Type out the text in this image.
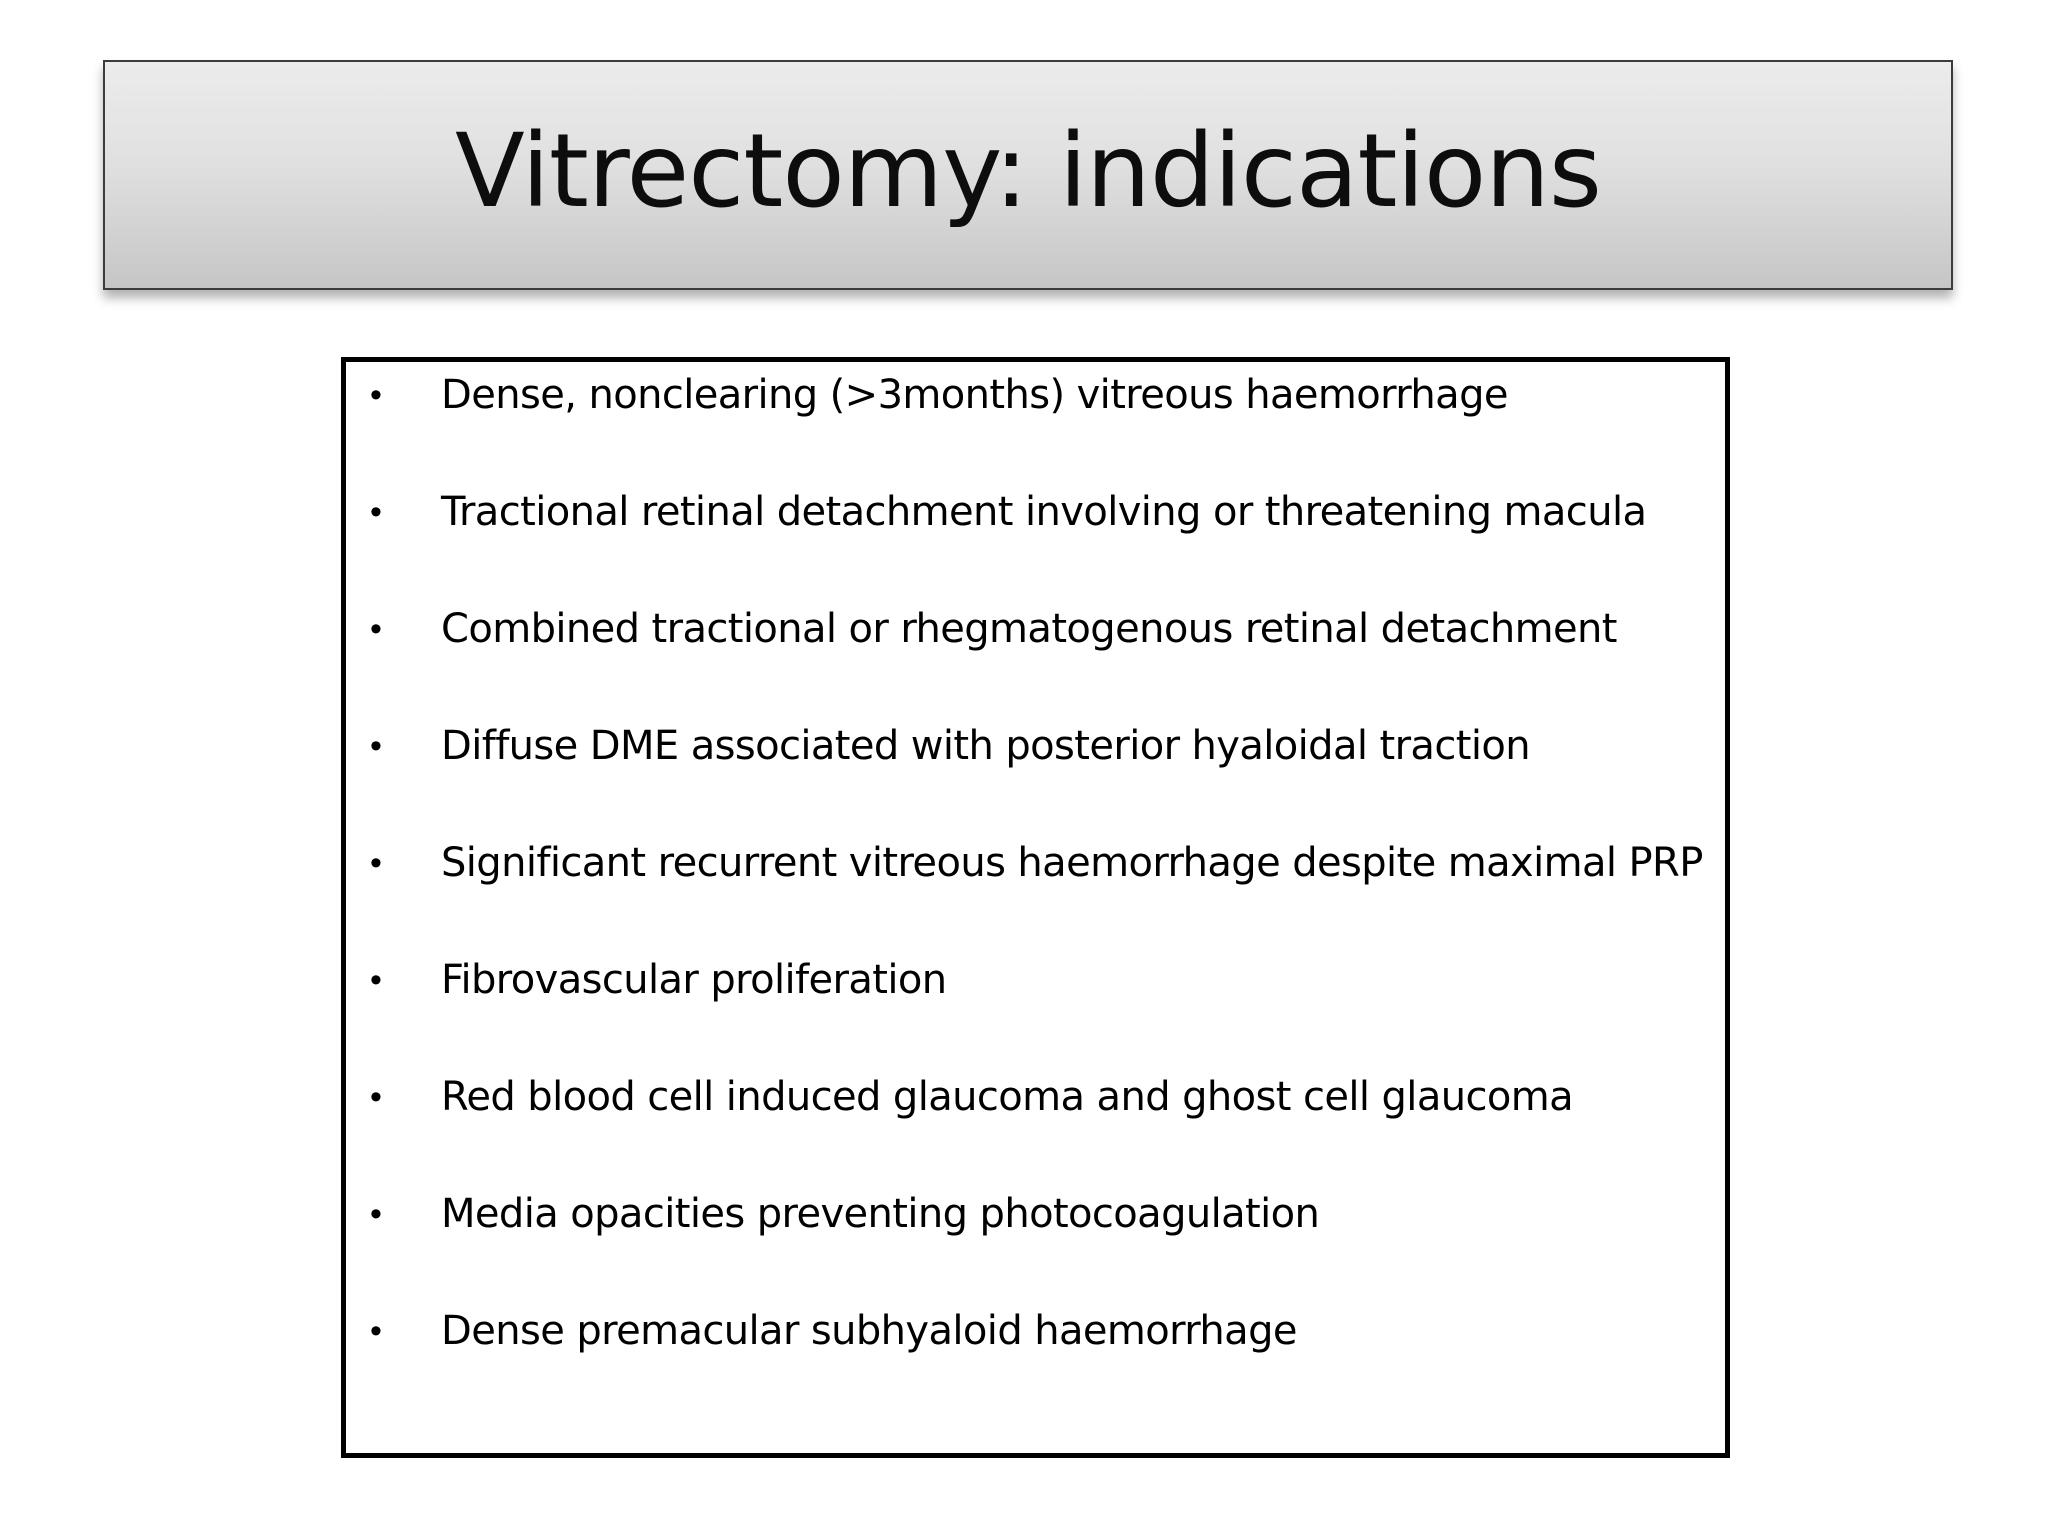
Vitrectomy: indications
• Dense, nonclearing (>3months) vitreous haemorrhage
• Tractional retinal detachment involving or threatening macula
• Combined tractional or rhegmatogenous retinal detachment
• Diffuse DME associated with posterior hyaloidal traction
• Significant recurrent vitreous haemorrhage despite maximal PRP
• Fibrovascular proliferation
• Red blood cell induced glaucoma and ghost cell glaucoma
• Media opacities preventing photocoagulation
• Dense premacular subhyaloid haemorrhage
